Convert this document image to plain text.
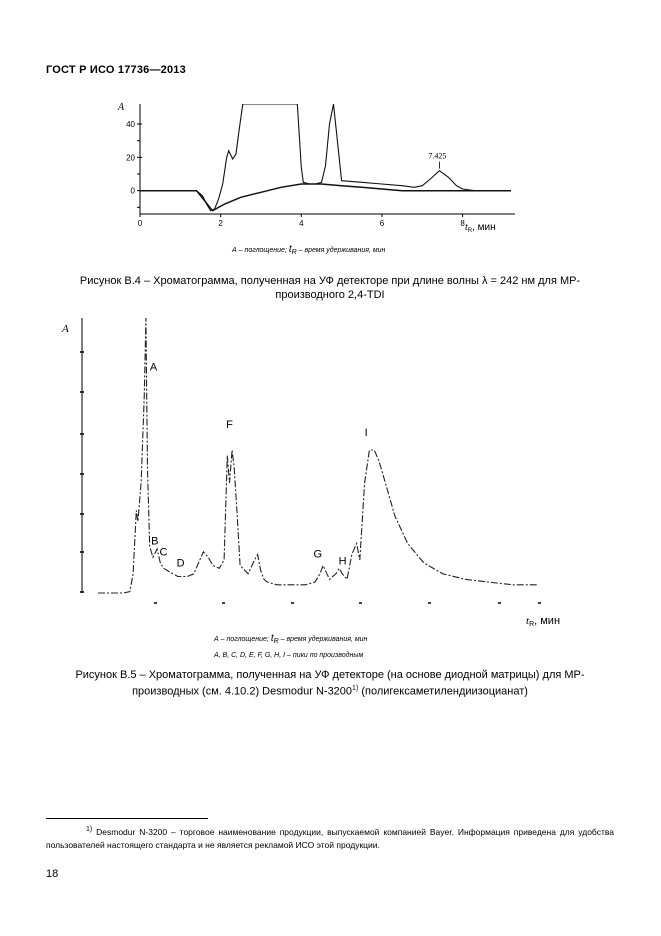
ГОСТ Р ИСО 17736—2013
0
20
40
0	2	4	6	8
A
$t_R$, мин
7.425
А – поглощение; tR – время удерживания, мин
Рисунок В.4 – Хроматограмма, полученная на УФ детекторе при длине волны λ = 242 нм для МР-
производного 2,4-TDI
A
tR, мин
A
B
C
D
F
G
H
I
А – поглощение; tR – время удерживания, мин
A, B, C, D, E, F, G, H, I – пики по производным
Рисунок В.5 – Хроматограмма, полученная на УФ детекторе (на основе диодной матрицы) для МР-
производных (см. 4.10.2) Desmodur N-3200$^{1)}$ (полигексаметилендиизоцианат)
$^{1)}$ Desmodur N-3200 – торговое наименование продукции, выпускаемой компанией Bayer. Информация приведена для удобства пользователей настоящего стандарта и не является рекламой ИСО этой продукции.
18
